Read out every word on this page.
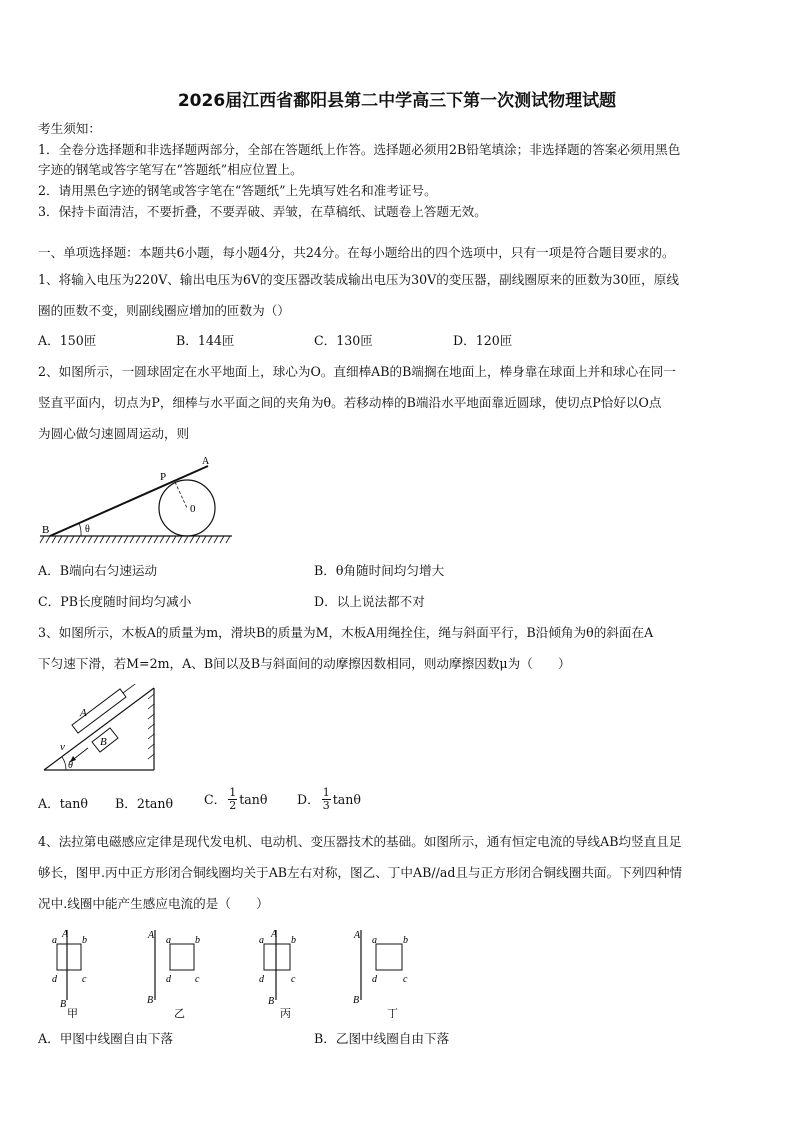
2026届江西省鄱阳县第二中学高三下第一次测试物理试题
考生须知：
1．全卷分选择题和非选择题两部分，全部在答题纸上作答。选择题必须用2B铅笔填涂；非选择题的答案必须用黑色
字迹的钢笔或答字笔写在“答题纸”相应位置上。
2．请用黑色字迹的钢笔或答字笔在“答题纸”上先填写姓名和准考证号。
3．保持卡面清洁，不要折叠，不要弄破、弄皱，在草稿纸、试题卷上答题无效。
一、单项选择题：本题共6小题，每小题4分，共24分。在每小题给出的四个选项中，只有一项是符合题目要求的。
1、将输入电压为220V、输出电压为6V的变压器改装成输出电压为30V的变压器，副线圈原来的匝数为30匝，原线
圈的匝数不变，则副线圈应增加的匝数为（）
A．150匝	B．144匝	C．130匝	D．120匝
2、如图所示，一圆球固定在水平地面上，球心为O。直细棒AB的B端搁在地面上，棒身靠在球面上并和球心在同一
竖直平面内，切点为P，细棒与水平面之间的夹角为θ。若移动棒的B端沿水平地面靠近圆球，使切点P恰好以O点
为圆心做匀速圆周运动，则
B	θ
P
A
0
A．B端向右匀速运动	B．θ角随时间均匀增大
C．PB长度随时间均匀减小	D．以上说法都不对
3、如图所示，木板A的质量为m，滑块B的质量为M，木板A用绳拴住，绳与斜面平行，B沿倾角为θ的斜面在A
下匀速下滑，若M=2m，A、B间以及B与斜面间的动摩擦因数相同，则动摩擦因数μ为（　　）
A
B
v
θ
A．tanθ B．2tanθ C． $\frac{1}{2}$ tanθ D． $\frac{1}{3}$ tanθ
4、法拉第电磁感应定律是现代发电机、电动机、变压器技术的基础。如图所示，通有恒定电流的导线AB均竖直且足
够长，图甲.丙中正方形闭合铜线圈均关于AB左右对称，图乙、丁中AB//ad且与正方形闭合铜线圈共面。下列四种情
况中.线圈中能产生感应电流的是（　　）
A
a	b
d	c
B
甲
A a b
d c
B
乙
A
a	b
d	c
B
丙
A a	b
d	c
B
丁
A．甲图中线圈自由下落	B．乙图中线圈自由下落
